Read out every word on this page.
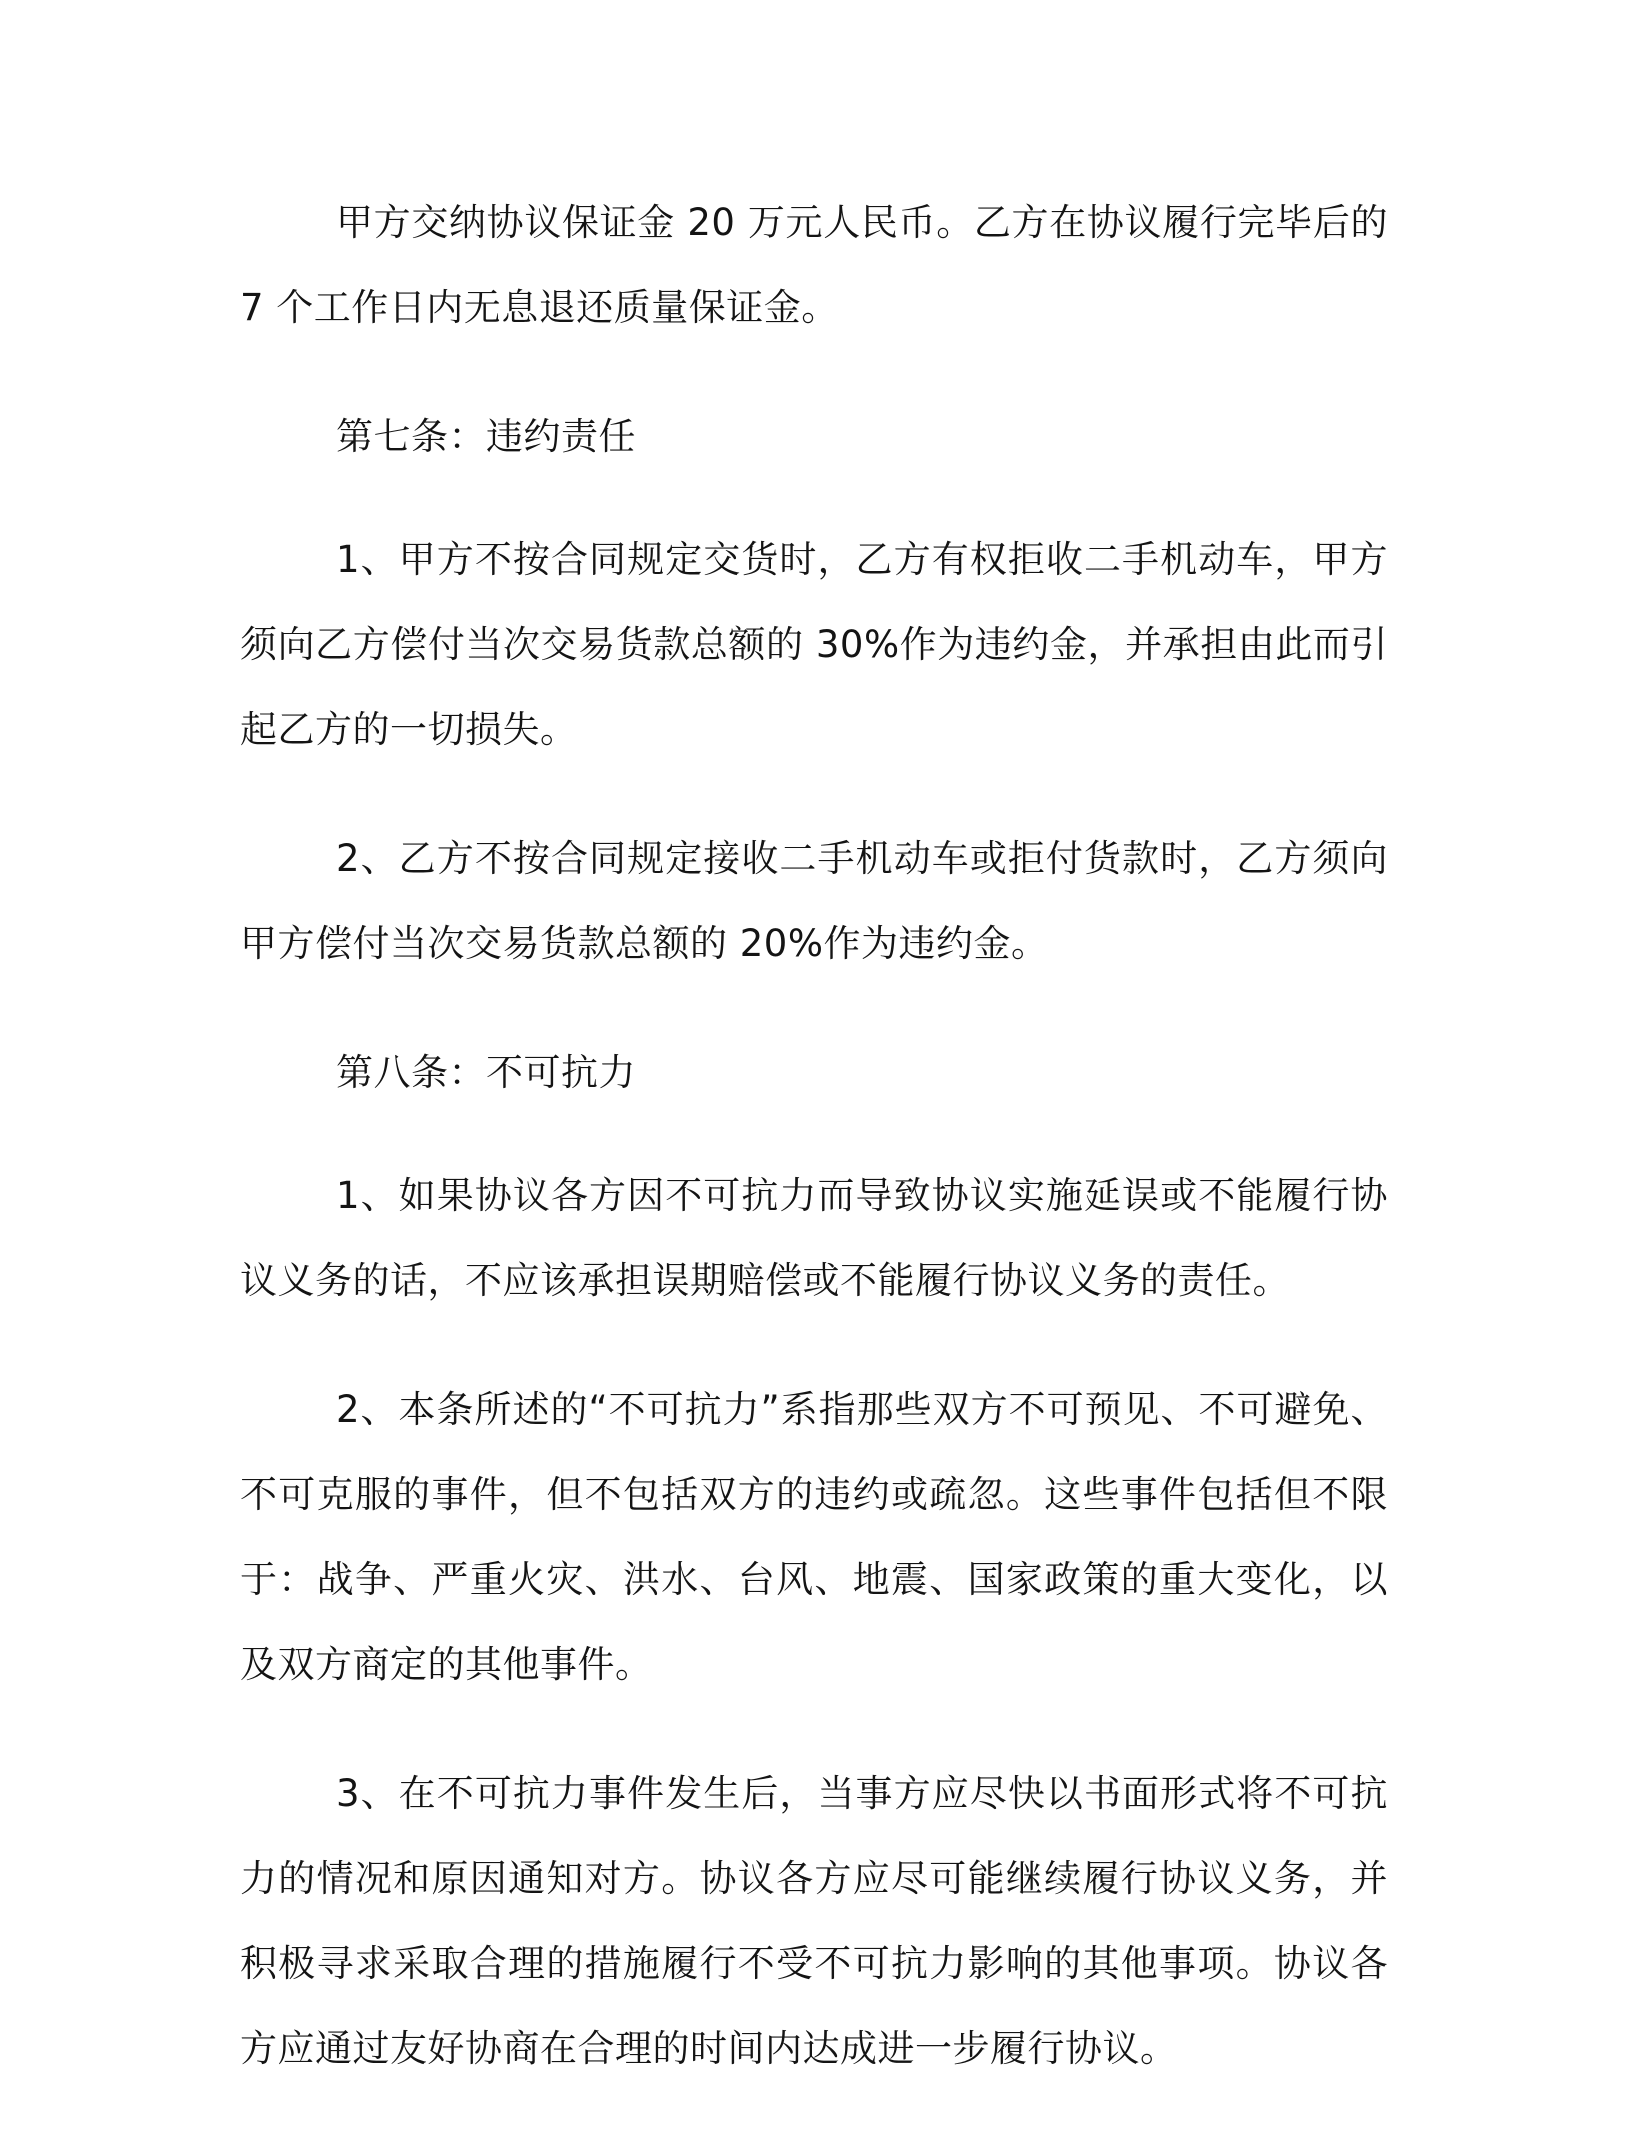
甲方交纳协议保证金 20 万元人民币。乙方在协议履行完毕后的 7 个工作日内无息退还质量保证金。

第七条：违约责任

1、甲方不按合同规定交货时，乙方有权拒收二手机动车，甲方须向乙方偿付当次交易货款总额的 30%作为违约金，并承担由此而引起乙方的一切损失。

2、乙方不按合同规定接收二手机动车或拒付货款时，乙方须向甲方偿付当次交易货款总额的 20%作为违约金。

第八条：不可抗力

1、如果协议各方因不可抗力而导致协议实施延误或不能履行协议义务的话，不应该承担误期赔偿或不能履行协议义务的责任。

2、本条所述的“不可抗力”系指那些双方不可预见、不可避免、不可克服的事件，但不包括双方的违约或疏忽。这些事件包括但不限于：战争、严重火灾、洪水、台风、地震、国家政策的重大变化，以及双方商定的其他事件。

3、在不可抗力事件发生后，当事方应尽快以书面形式将不可抗力的情况和原因通知对方。协议各方应尽可能继续履行协议义务，并积极寻求采取合理的措施履行不受不可抗力影响的其他事项。协议各方应通过友好协商在合理的时间内达成进一步履行协议。
